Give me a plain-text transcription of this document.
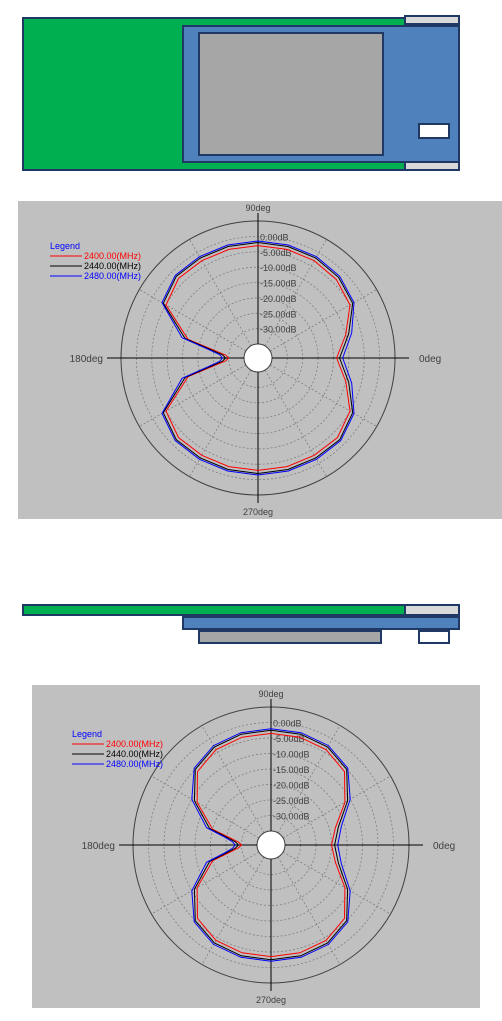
0.00dB
-5.00dB
-10.00dB
-15.00dB
-20.00dB
-25.00dB
-30.00dB
90deg
270deg
180deg	0deg
Legend
2400.00(MHz)
2440.00(MHz)
2480.00(MHz)
0.00dB
-5.00dB
-10.00dB
-15.00dB
-20.00dB
-25.00dB
-30.00dB
90deg
270deg
180deg	0deg
Legend
2400.00(MHz)
2440.00(MHz)
2480.00(MHz)
